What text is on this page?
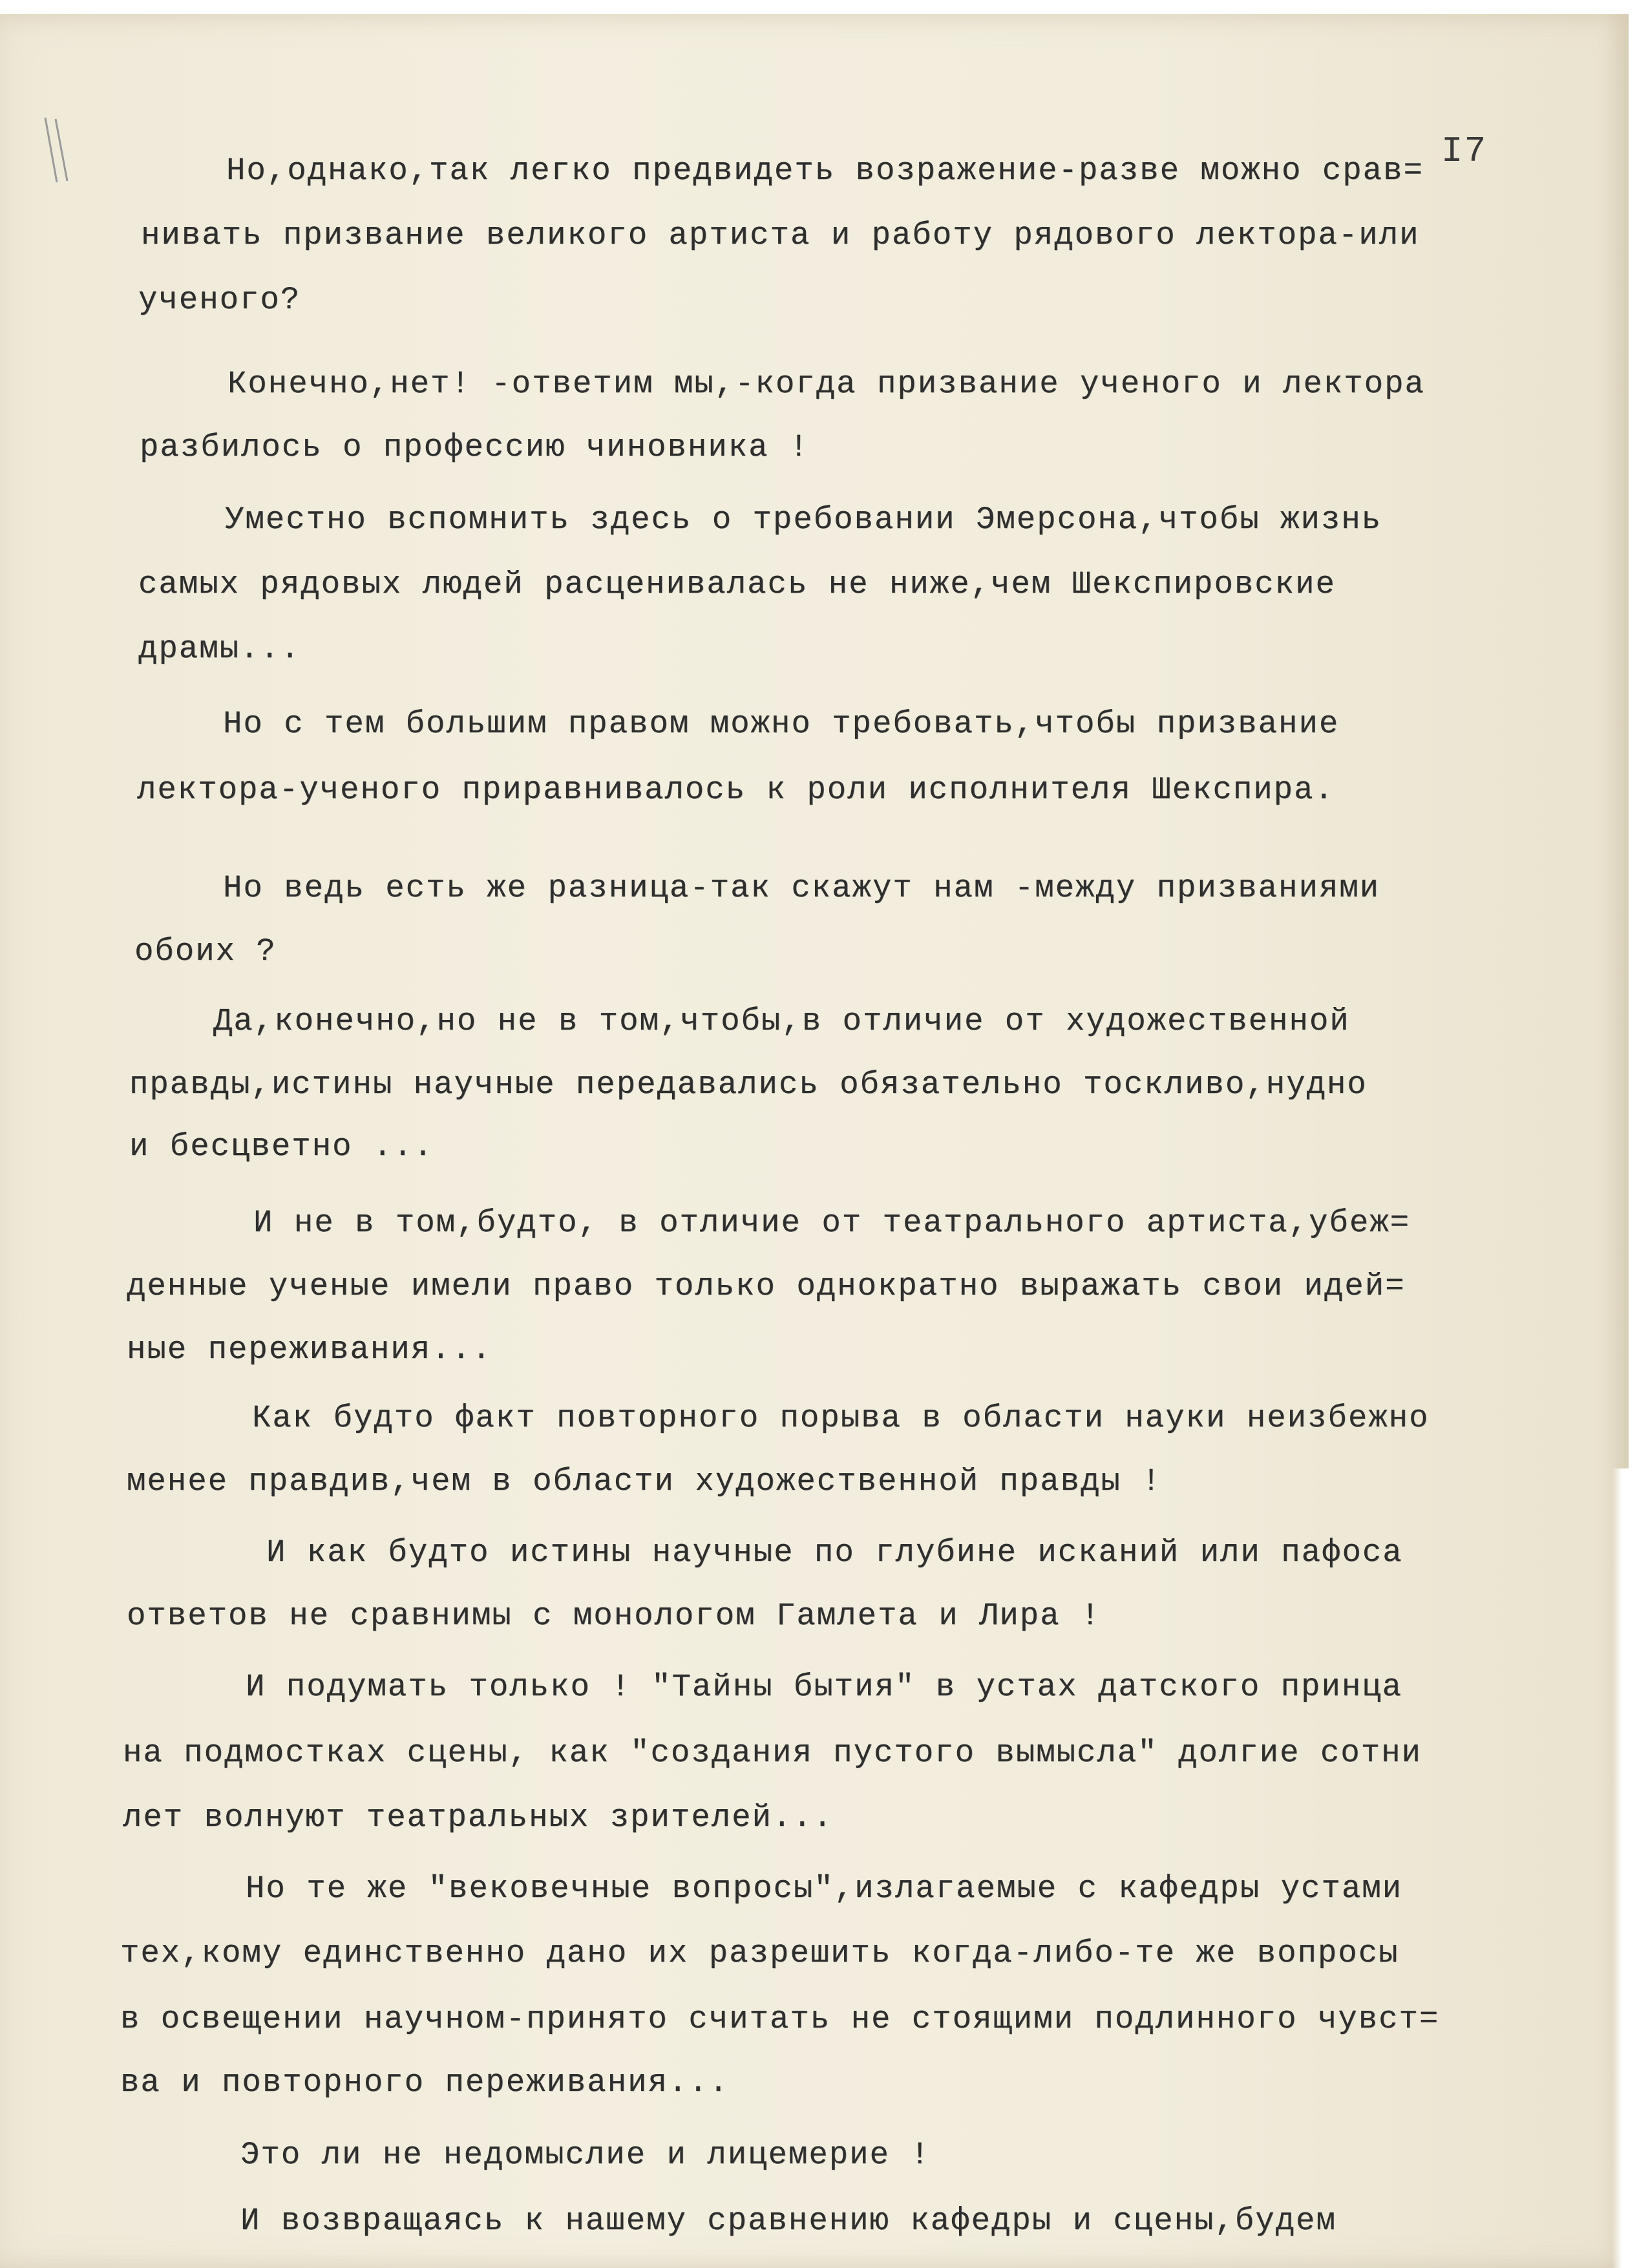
I7
Но,однако,так легко предвидеть возражение-разве можно срав=
нивать призвание великого артиста и работу рядового лектора-или
ученого?
Конечно,нет! -ответим мы,-когда призвание ученого и лектора
разбилось о профессию чиновника !
Уместно вспомнить здесь о требовании Эмерсона,чтобы жизнь
самых рядовых людей расценивалась не ниже,чем Шекспировские
драмы...
Но с тем большим правом можно требовать,чтобы призвание
лектора-ученого приравнивалось к роли исполнителя Шекспира.
Но ведь есть же разница-так скажут нам -между призваниями
обоих ?
Да,конечно,но не в том,чтобы,в отличие от художественной
правды,истины научные передавались обязательно тоскливо,нудно
и бесцветно ...
И не в том,будто, в отличие от театрального артиста,убеж=
денные ученые имели право только однократно выражать свои идей=
ные переживания...
Как будто факт повторного порыва в области науки неизбежно
менее правдив,чем в области художественной правды !
И как будто истины научные по глубине исканий или пафоса
ответов не сравнимы с монологом Гамлета и Лира !
И подумать только ! "Тайны бытия" в устах датского принца
на подмостках сцены, как "создания пустого вымысла" долгие сотни
лет волнуют театральных зрителей...
Но те же "вековечные вопросы",излагаемые с кафедры устами
тех,кому единственно дано их разрешить когда-либо-те же вопросы
в освещении научном-принято считать не стоящими подлинного чувст=
ва и повторного переживания...
Это ли не недомыслие и лицемерие !
И возвращаясь к нашему сравнению кафедры и сцены,будем
